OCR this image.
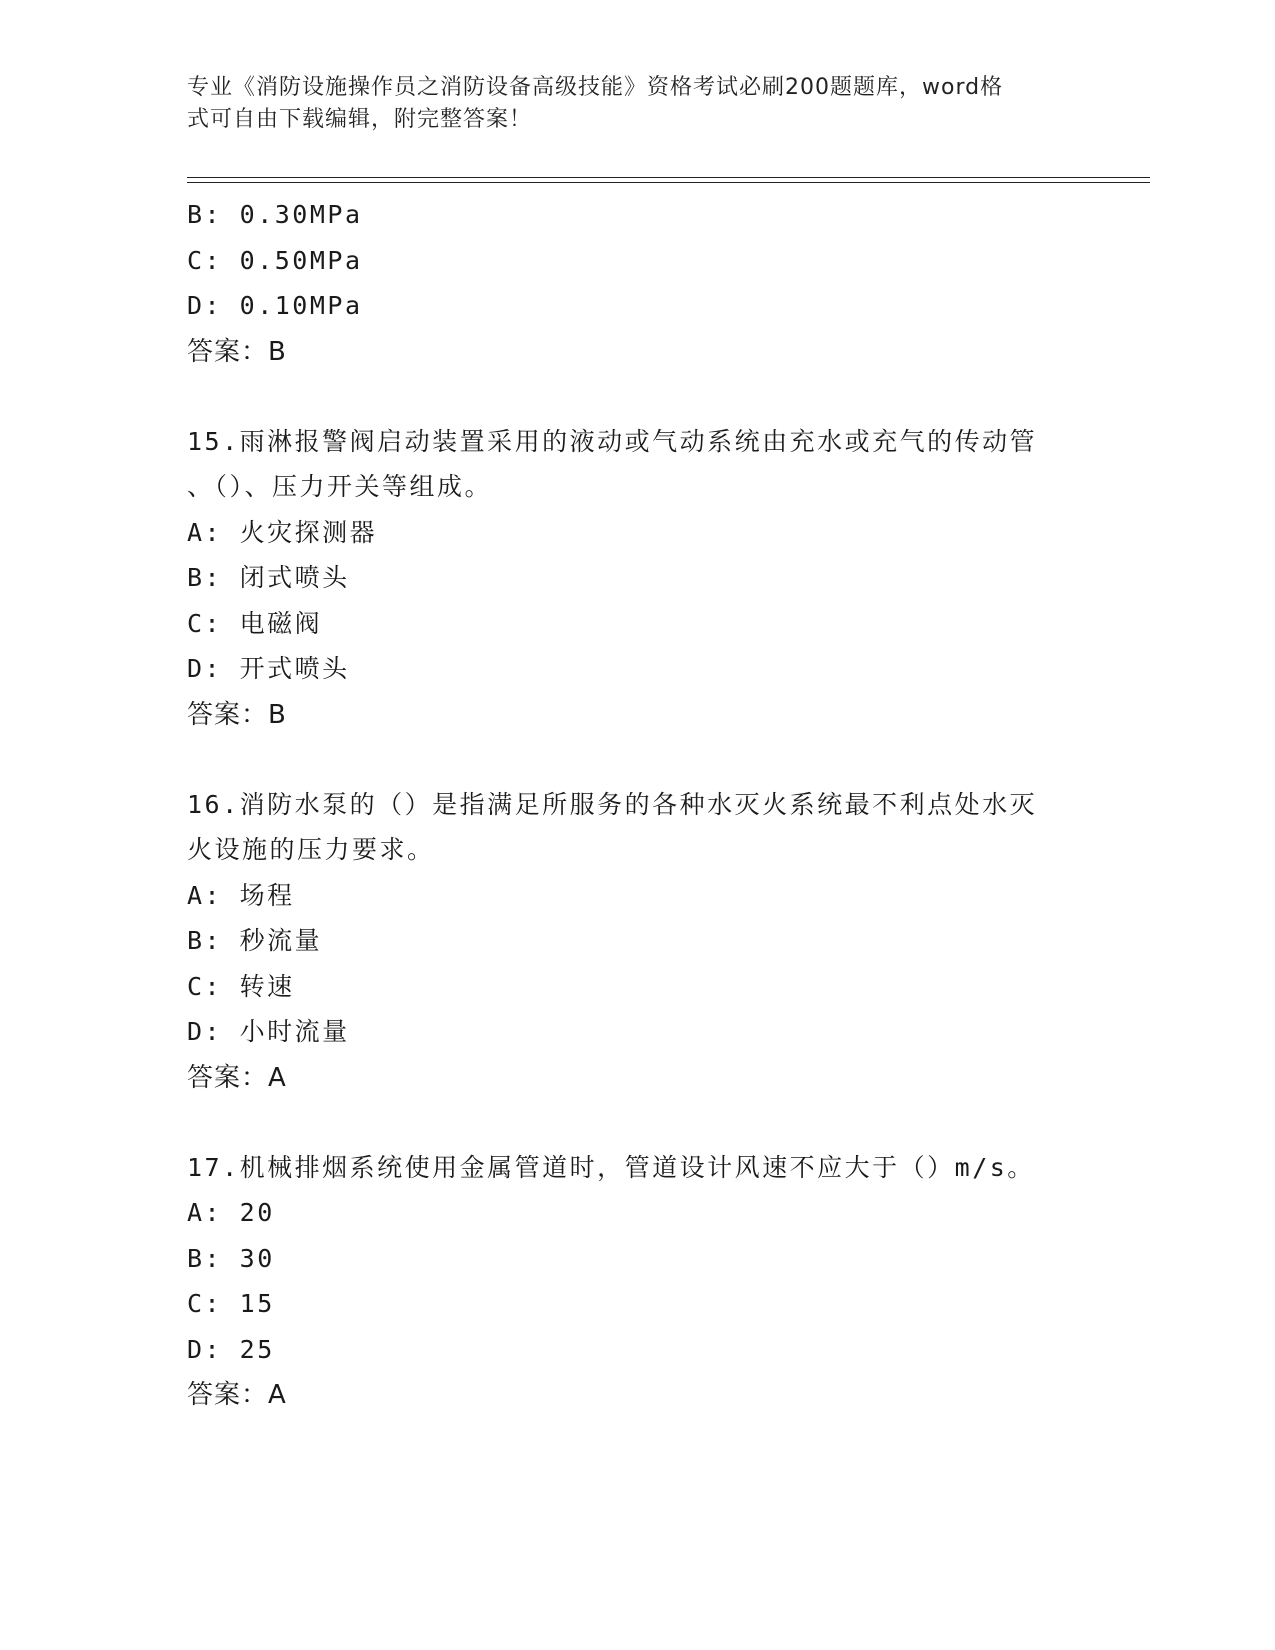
专业《消防设施操作员之消防设备高级技能》资格考试必刷200题题库，word格
式可自由下载编辑，附完整答案！
B: 0.30MPa
C: 0.50MPa
D: 0.10MPa
答案：B
15.雨淋报警阀启动装置采用的液动或气动系统由充水或充气的传动管
、（）、压力开关等组成。
A: 火灾探测器
B: 闭式喷头
C: 电磁阀
D: 开式喷头
答案：B
16.消防水泵的（）是指满足所服务的各种水灭火系统最不利点处水灭
火设施的压力要求。
A: 场程
B: 秒流量
C: 转速
D: 小时流量
答案：A
17.机械排烟系统使用金属管道时，管道设计风速不应大于（）m/s。
A: 20
B: 30
C: 15
D: 25
答案：A
